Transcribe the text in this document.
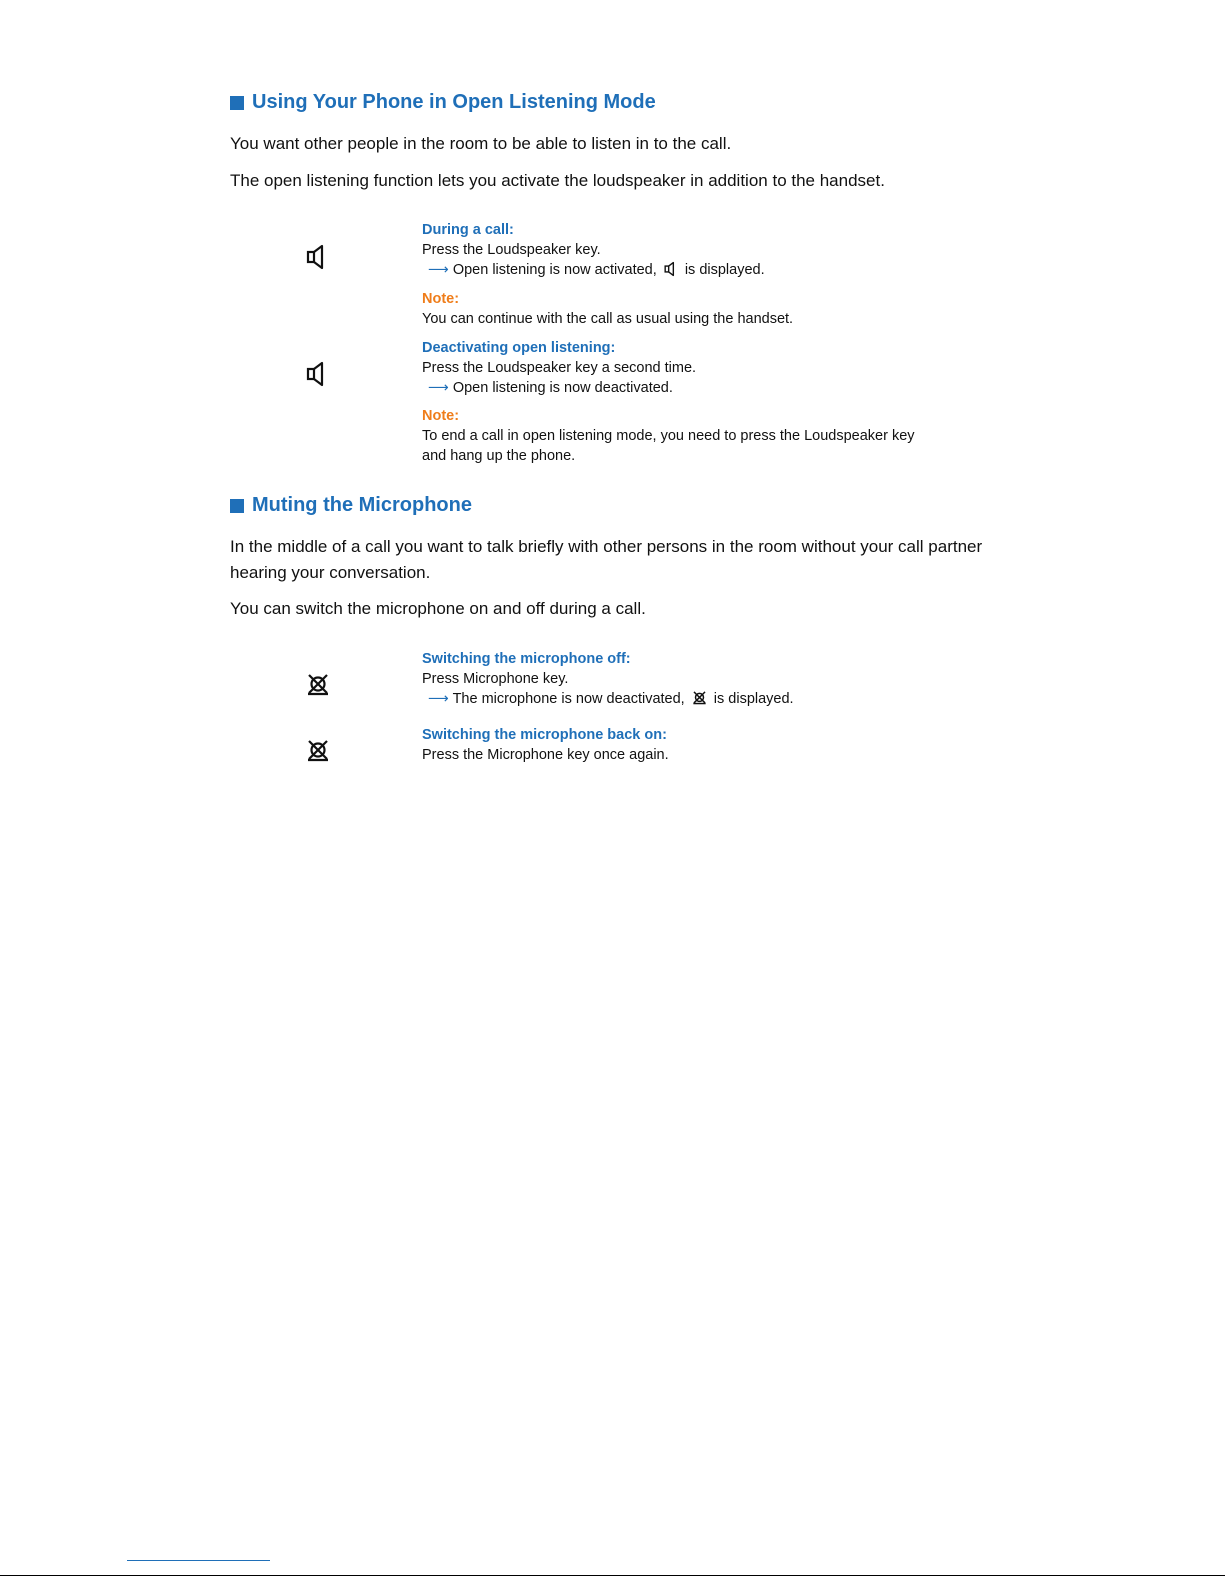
Using Your Phone in Open Listening Mode
You want other people in the room to be able to listen in to the call.
The open listening function lets you activate the loudspeaker in addition to the handset.
During a call:
Press the Loudspeaker key.
⟶ Open listening is now activated, is displayed.
Note:
You can continue with the call as usual using the handset.
Deactivating open listening:
Press the Loudspeaker key a second time.
⟶ Open listening is now deactivated.
Note:
To end a call in open listening mode, you need to press the Loudspeaker key
and hang up the phone.
Muting the Microphone
In the middle of a call you want to talk briefly with other persons in the room without your call partner hearing your conversation.
You can switch the microphone on and off during a call.
Switching the microphone off:
Press Microphone key.
⟶ The microphone is now deactivated, is displayed.
Switching the microphone back on:
Press the Microphone key once again.
